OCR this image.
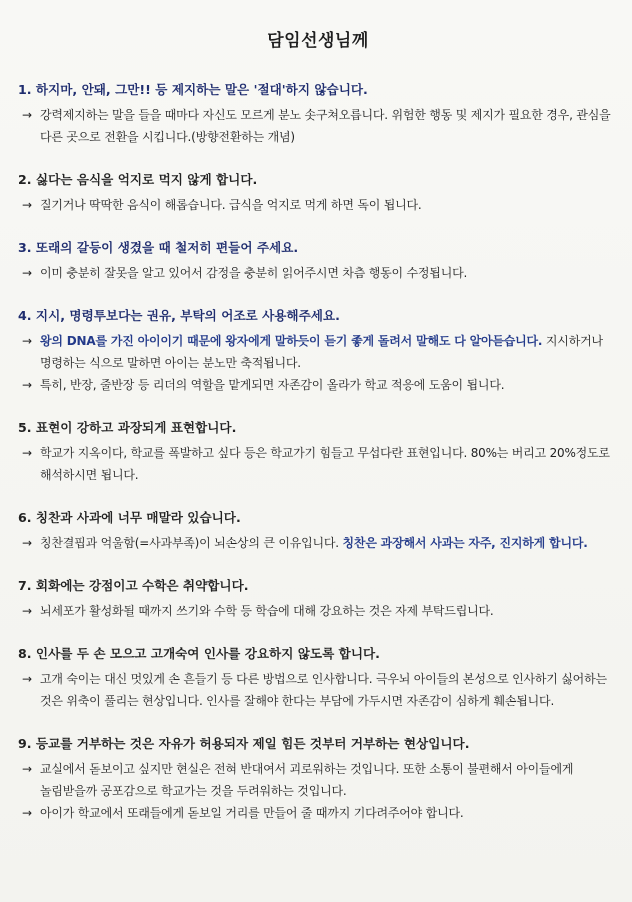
담임선생님께
1. 하지마, 안돼, 그만!! 등 제지하는 말은 '절대'하지 않습니다.
→ 강력제지하는 말을 들을 때마다 자신도 모르게 분노 솟구쳐오릅니다. 위험한 행동 및 제지가 필요한 경우, 관심을 다른 곳으로 전환을 시킵니다.(방향전환하는 개념)
2. 싫다는 음식을 억지로 먹지 않게 합니다.
→ 질기거나 딱딱한 음식이 해롭습니다. 급식을 억지로 먹게 하면 독이 됩니다.
3. 또래의 갈등이 생겼을 때 철저히 편들어 주세요.
→ 이미 충분히 잘못을 알고 있어서 감정을 충분히 읽어주시면 차츰 행동이 수정됩니다.
4. 지시, 명령투보다는 권유, 부탁의 어조로 사용해주세요.
→ 왕의 DNA를 가진 아이이기 때문에 왕자에게 말하듯이 듣기 좋게 돌려서 말해도 다 알아듣습니다. 지시하거나 명령하는 식으로 말하면 아이는 분노만 축적됩니다.
→ 특히, 반장, 줄반장 등 리더의 역할을 맡게되면 자존감이 올라가 학교 적응에 도움이 됩니다.
5. 표현이 강하고 과장되게 표현합니다.
→ 학교가 지옥이다, 학교를 폭발하고 싶다 등은 학교가기 힘들고 무섭다란 표현입니다. 80%는 버리고 20%정도로 해석하시면 됩니다.
6. 칭찬과 사과에 너무 매말라 있습니다.
→ 칭찬결핍과 억울함(=사과부족)이 뇌손상의 큰 이유입니다. 칭찬은 과장해서 사과는 자주, 진지하게 합니다.
7. 회화에는 강점이고 수학은 취약합니다.
→ 뇌세포가 활성화될 때까지 쓰기와 수학 등 학습에 대해 강요하는 것은 자제 부탁드립니다.
8. 인사를 두 손 모으고 고개숙여 인사를 강요하지 않도록 합니다.
→ 고개 숙이는 대신 멋있게 손 흔들기 등 다른 방법으로 인사합니다. 극우뇌 아이들의 본성으로 인사하기 싫어하는 것은 위축이 풀리는 현상입니다. 인사를 잘해야 한다는 부담에 가두시면 자존감이 심하게 훼손됩니다.
9. 등교를 거부하는 것은 자유가 허용되자 제일 힘든 것부터 거부하는 현상입니다.
→ 교실에서 돋보이고 싶지만 현실은 전혀 반대여서 괴로워하는 것입니다. 또한 소통이 불편해서 아이들에게 놀림받을까 공포감으로 학교가는 것을 두려워하는 것입니다.
→ 아이가 학교에서 또래들에게 돋보일 거리를 만들어 줄 때까지 기다려주어야 합니다.
